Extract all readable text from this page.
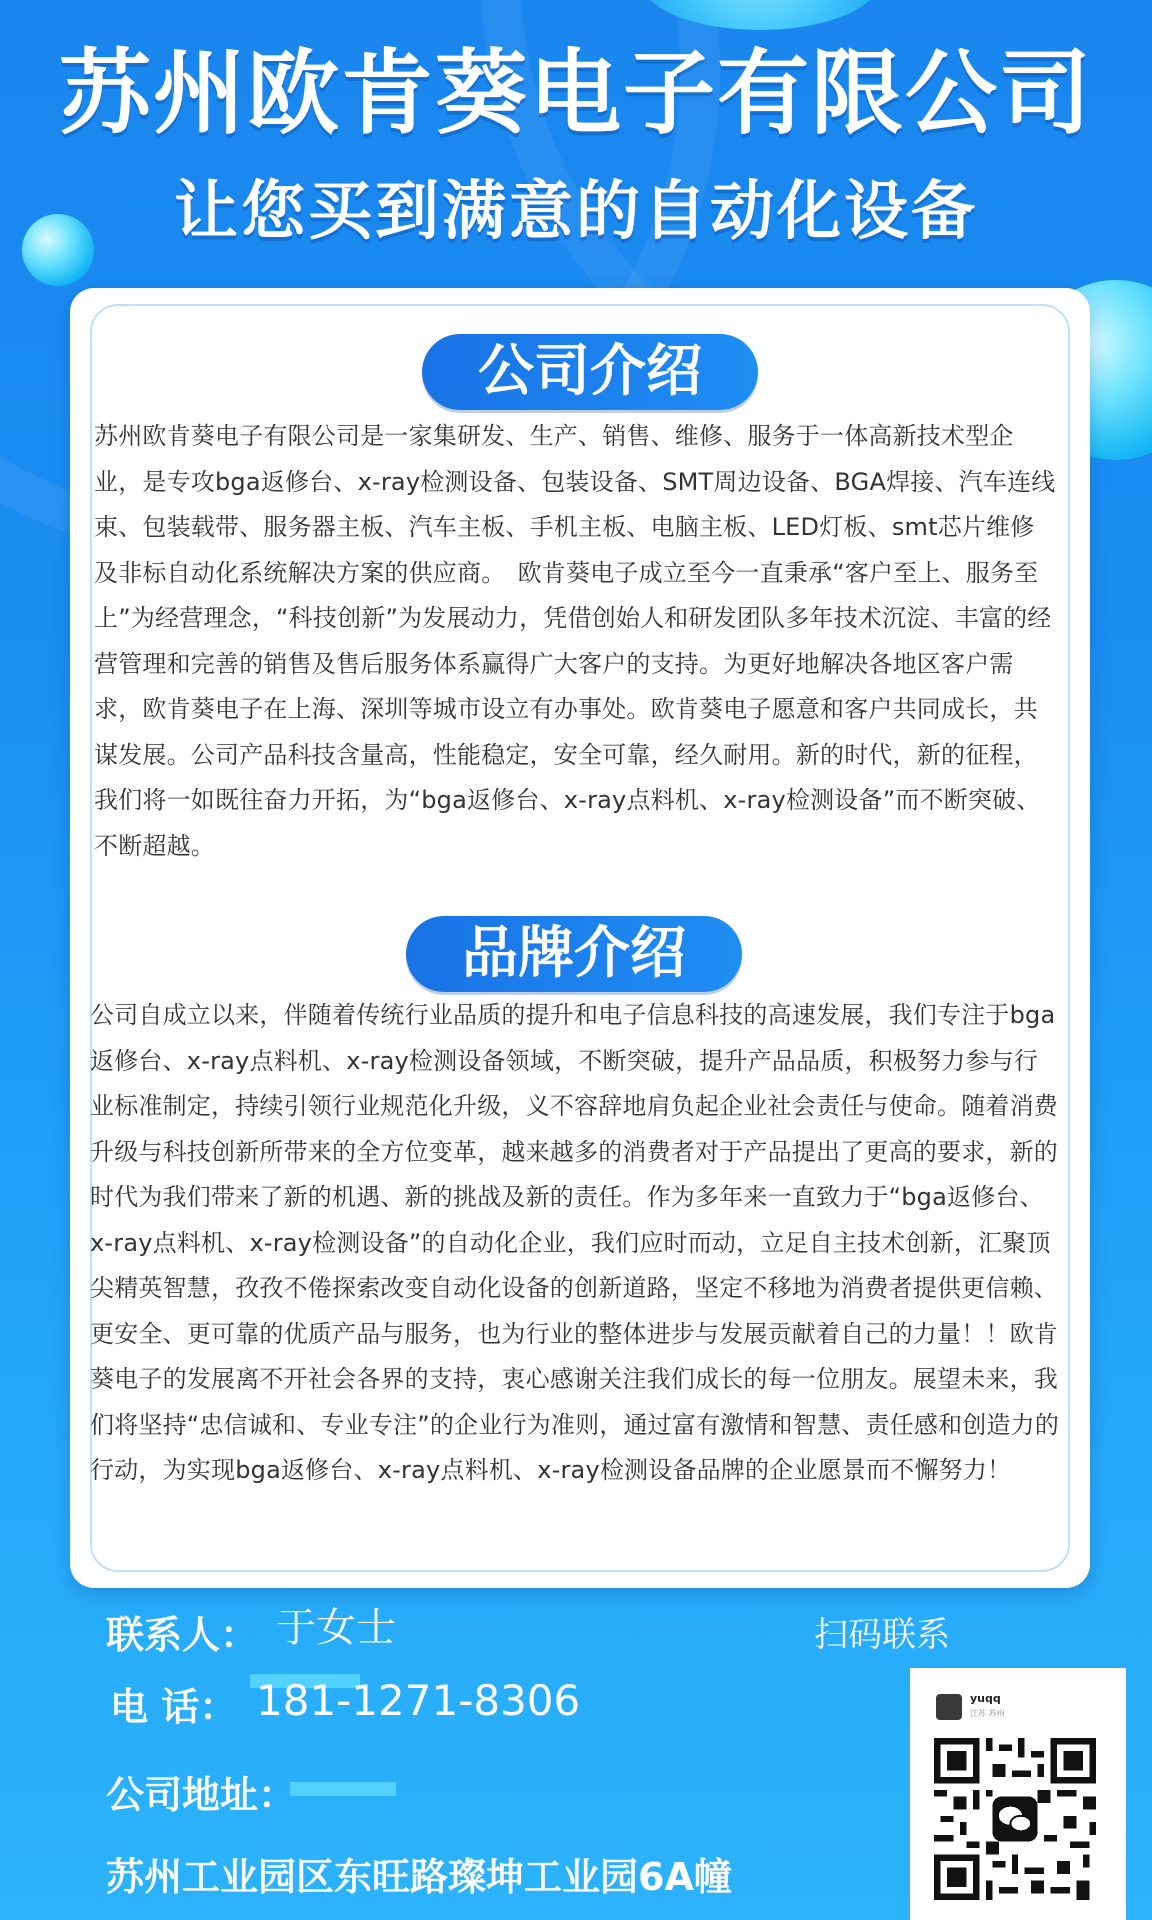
苏州欧肯葵电子有限公司
让您买到满意的自动化设备
公司介绍

苏州欧肯葵电子有限公司是一家集研发、生产、销售、维修、服务于一体高新技术型企业，是专攻bga返修台、x-ray检测设备、包装设备、SMT周边设备、BGA焊接、汽车连线束、包装载带、服务器主板、汽车主板、手机主板、电脑主板、LED灯板、smt芯片维修及非标自动化系统解决方案的供应商。　欧肯葵电子成立至今一直秉承“客户至上、服务至上”为经营理念，“科技创新”为发展动力，凭借创始人和研发团队多年技术沉淀、丰富的经营管理和完善的销售及售后服务体系赢得广大客户的支持。为更好地解决各地区客户需求，欧肯葵电子在上海、深圳等城市设立有办事处。欧肯葵电子愿意和客户共同成长，共谋发展。公司产品科技含量高，性能稳定，安全可靠，经久耐用。新的时代，新的征程，我们将一如既往奋力开拓，为“bga返修台、x-ray点料机、x-ray检测设备”而不断突破、不断超越。

品牌介绍

公司自成立以来，伴随着传统行业品质的提升和电子信息科技的高速发展，我们专注于bga返修台、x-ray点料机、x-ray检测设备领域，不断突破，提升产品品质，积极努力参与行业标准制定，持续引领行业规范化升级，义不容辞地肩负起企业社会责任与使命。随着消费升级与科技创新所带来的全方位变革，越来越多的消费者对于产品提出了更高的要求，新的时代为我们带来了新的机遇、新的挑战及新的责任。作为多年来一直致力于“bga返修台、x-ray点料机、x-ray检测设备”的自动化企业，我们应时而动，立足自主技术创新，汇聚顶尖精英智慧，孜孜不倦探索改变自动化设备的创新道路，坚定不移地为消费者提供更信赖、更安全、更可靠的优质产品与服务，也为行业的整体进步与发展贡献着自己的力量！！欧肯葵电子的发展离不开社会各界的支持，衷心感谢关注我们成长的每一位朋友。展望未来，我们将坚持“忠信诚和、专业专注”的企业行为准则，通过富有激情和智慧、责任感和创造力的行动，为实现bga返修台、x-ray点料机、x-ray检测设备品牌的企业愿景而不懈努力！

联系人： 于女士
电 话： 181-1271-8306
公司地址：
苏州工业园区东旺路璨坤工业园6A幢
扫码联系
yuqq
江苏 苏州
